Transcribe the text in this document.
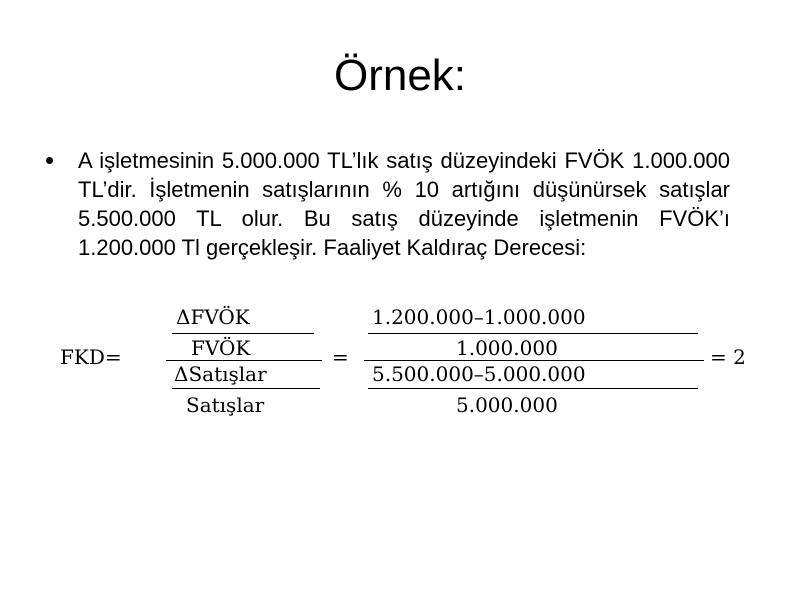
Örnek:
A işletmesinin 5.000.000 TL’lık satış düzeyindeki FVÖK 1.000.000 TL’dir. İşletmenin satışlarının % 10 artığını düşünürsek satışlar 5.500.000 TL olur. Bu satış düzeyinde işletmenin FVÖK’ı 1.200.000 Tl gerçekleşir. Faaliyet Kaldıraç Derecesi:
FKD=
ΔFVÖK
FVÖK
ΔSatışlar
Satışlar
=
1.200.000–1.000.000
1.000.000
5.500.000–5.000.000
5.000.000
= 2
